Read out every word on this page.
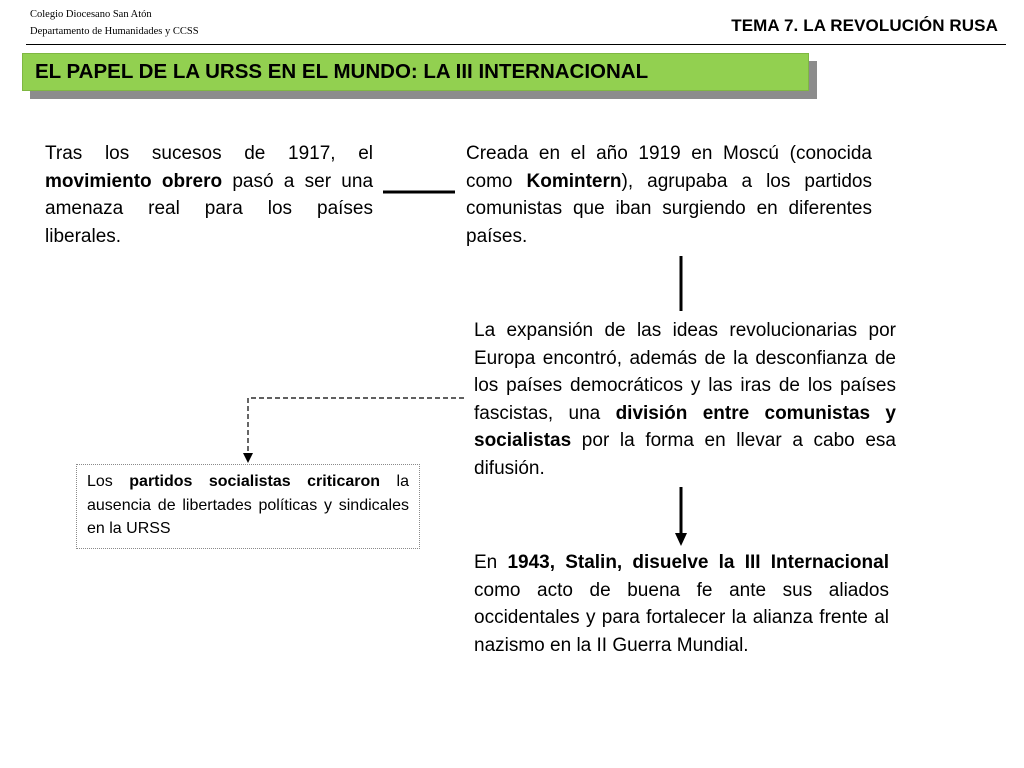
Colegio Diocesano San Atón
Departamento de Humanidades y CCSS	TEMA 7. LA REVOLUCIÓN RUSA
EL PAPEL DE LA URSS EN EL MUNDO: LA III INTERNACIONAL
Tras los sucesos de 1917, el movimiento obrero pasó a ser una amenaza real para los países liberales.
Creada en el año 1919 en Moscú (conocida como Komintern), agrupaba a los partidos comunistas que iban surgiendo en diferentes países.
La expansión de las ideas revolucionarias por Europa encontró, además de la desconfianza de los países democráticos y las iras de los países fascistas, una división entre comunistas y socialistas por la forma en llevar a cabo esa difusión.
Los partidos socialistas criticaron la ausencia de libertades políticas y sindicales en la URSS
En 1943, Stalin, disuelve la III Internacional como acto de buena fe ante sus aliados occidentales y para fortalecer la alianza frente al nazismo en la II Guerra Mundial.
